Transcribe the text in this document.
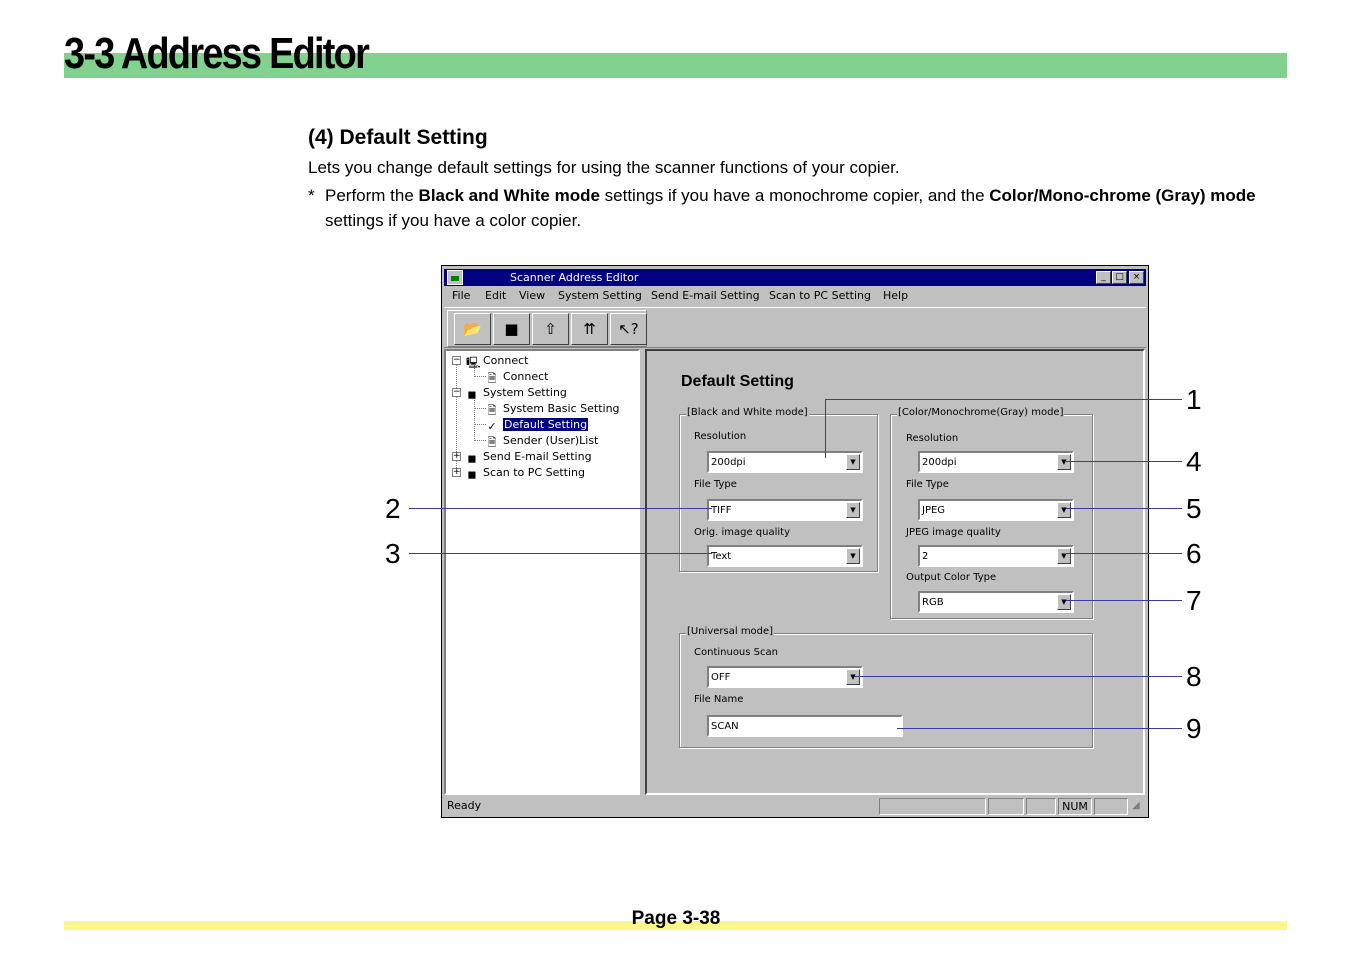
3-3 Address Editor
(4) Default Setting
Lets you change default settings for using the scanner functions of your copier.
* Perform the Black and White mode settings if you have a monochrome copier, and the Color/Mono-chrome (Gray) mode settings if you have a color copier.
Scanner Address Editor	_	□ ×
File Edit View System Setting Send E-mail Setting Scan to PC Setting Help
📂	■	⇧	⇈	↖?
− 🖳 Connect
🗎 Connect
− ◼ System Setting
🗎 System Basic Setting
✓ Default Setting
🗎 Sender (User)List
+ ◼ Send E-mail Setting
+ ◼ Scan to PC Setting
Default Setting
[Black and White mode]
Resolution
200dpi	▼
File Type
TIFF	▼
Orig. image quality
Text	▼
[Color/Monochrome(Gray) mode]
Resolution
200dpi	▼
File Type
JPEG	▼
JPEG image quality
2	▼
Output Color Type
RGB	▼
[Universal mode]
Continuous Scan
OFF	▼
File Name
SCAN
Ready	NUM	◢
1
2
3
4
5
6
7
8
9
Page 3-38
